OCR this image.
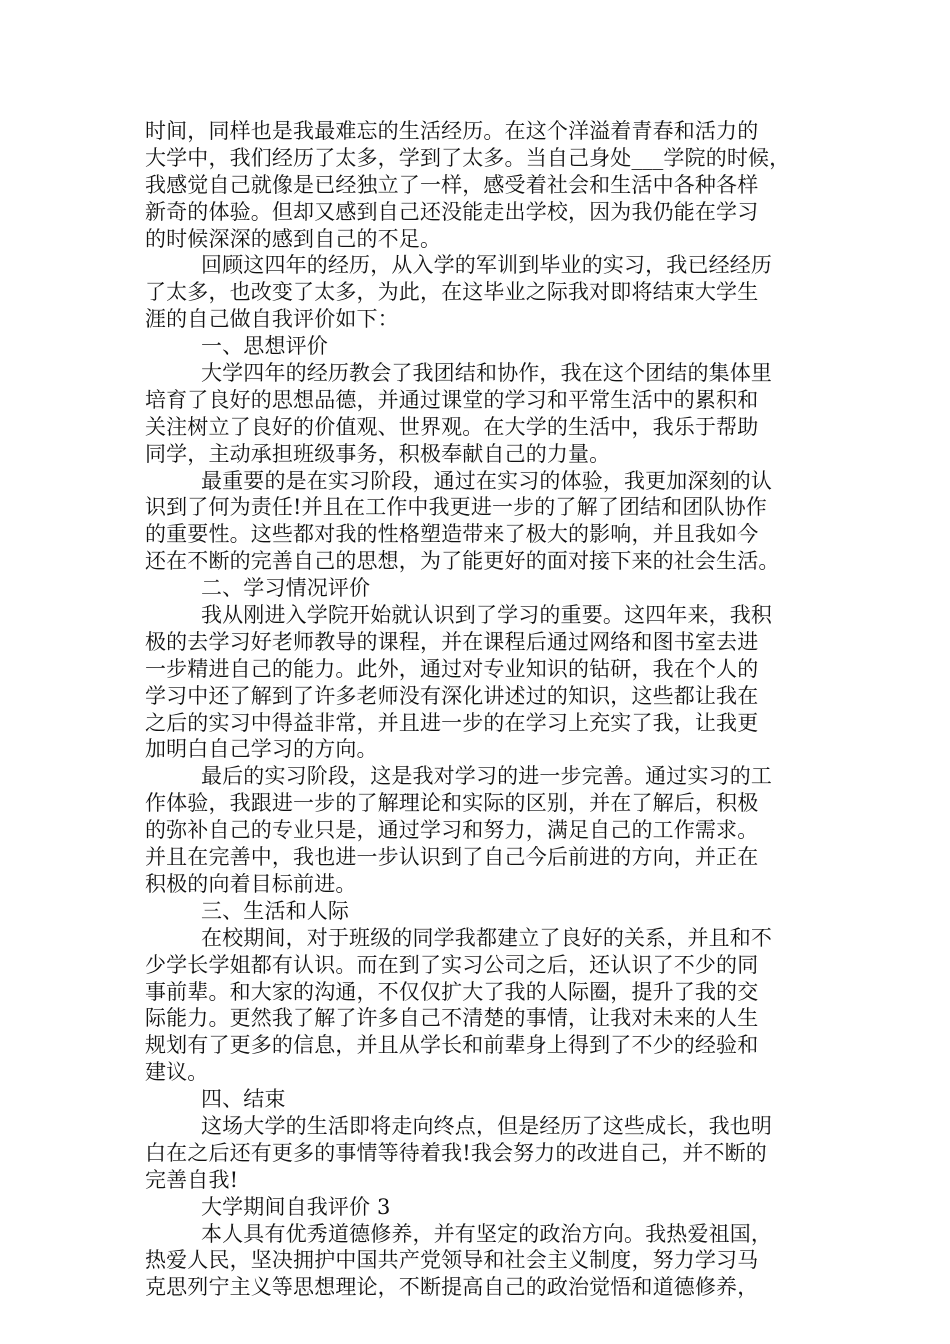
时间，同样也是我最难忘的生活经历。在这个洋溢着青春和活力的
大学中，我们经历了太多，学到了太多。当自己身处___学院的时候，
我感觉自己就像是已经独立了一样，感受着社会和生活中各种各样
新奇的体验。但却又感到自己还没能走出学校，因为我仍能在学习
的时候深深的感到自己的不足。
回顾这四年的经历，从入学的军训到毕业的实习，我已经经历
了太多，也改变了太多，为此，在这毕业之际我对即将结束大学生
涯的自己做自我评价如下：
一、思想评价
大学四年的经历教会了我团结和协作，我在这个团结的集体里
培育了良好的思想品德，并通过课堂的学习和平常生活中的累积和
关注树立了良好的价值观、世界观。在大学的生活中，我乐于帮助
同学，主动承担班级事务，积极奉献自己的力量。
最重要的是在实习阶段，通过在实习的体验，我更加深刻的认
识到了何为责任!并且在工作中我更进一步的了解了团结和团队协作
的重要性。这些都对我的性格塑造带来了极大的影响，并且我如今
还在不断的完善自己的思想，为了能更好的面对接下来的社会生活。
二、学习情况评价
我从刚进入学院开始就认识到了学习的重要。这四年来，我积
极的去学习好老师教导的课程，并在课程后通过网络和图书室去进
一步精进自己的能力。此外，通过对专业知识的钻研，我在个人的
学习中还了解到了许多老师没有深化讲述过的知识，这些都让我在
之后的实习中得益非常，并且进一步的在学习上充实了我，让我更
加明白自己学习的方向。
最后的实习阶段，这是我对学习的进一步完善。通过实习的工
作体验，我跟进一步的了解理论和实际的区别，并在了解后，积极
的弥补自己的专业只是，通过学习和努力，满足自己的工作需求。
并且在完善中，我也进一步认识到了自己今后前进的方向，并正在
积极的向着目标前进。
三、生活和人际
在校期间，对于班级的同学我都建立了良好的关系，并且和不
少学长学姐都有认识。而在到了实习公司之后，还认识了不少的同
事前辈。和大家的沟通，不仅仅扩大了我的人际圈，提升了我的交
际能力。更然我了解了许多自己不清楚的事情，让我对未来的人生
规划有了更多的信息，并且从学长和前辈身上得到了不少的经验和
建议。
四、结束
这场大学的生活即将走向终点，但是经历了这些成长，我也明
白在之后还有更多的事情等待着我!我会努力的改进自己，并不断的
完善自我!
大学期间自我评价 3
本人具有优秀道德修养，并有坚定的政治方向。我热爱祖国，
热爱人民，坚决拥护中国共产党领导和社会主义制度，努力学习马
克思列宁主义等思想理论，不断提高自己的政治觉悟和道德修养，
